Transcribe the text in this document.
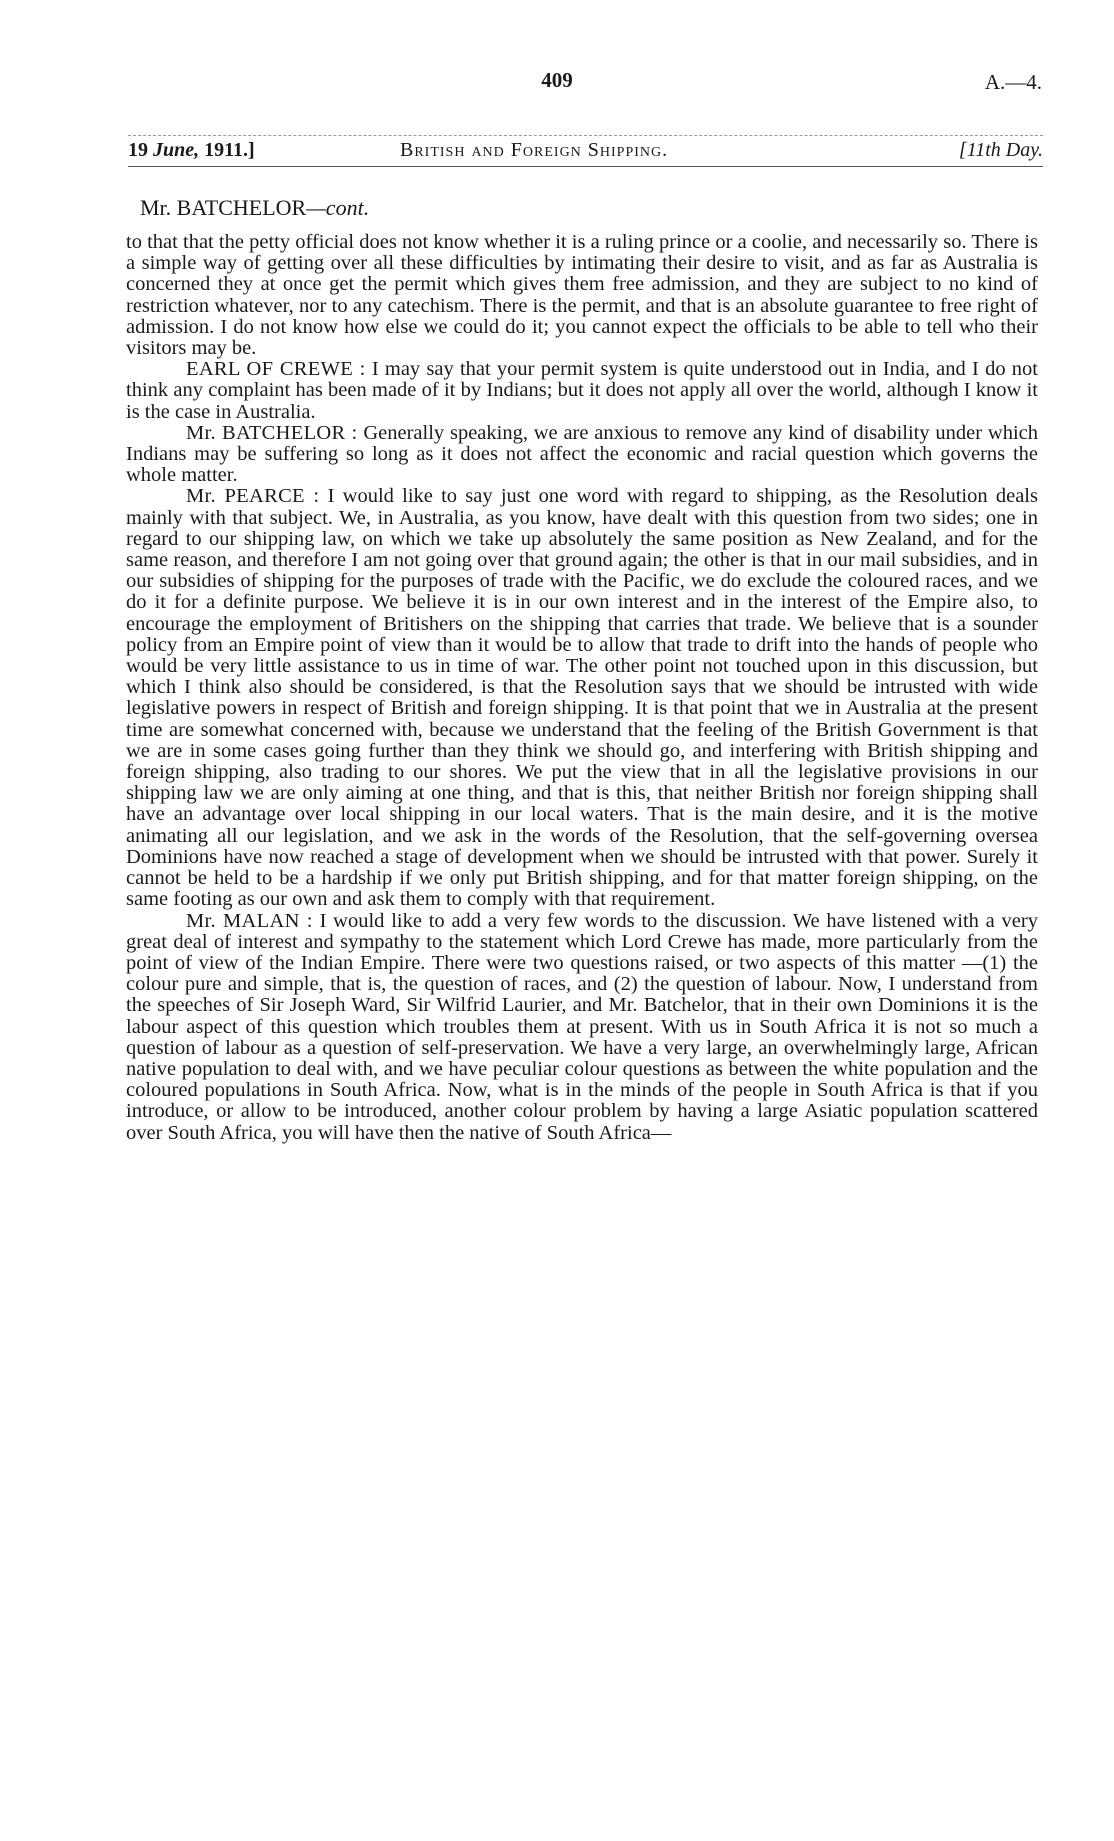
409	A.—4.
19 June, 1911.]	British and Foreign Shipping.	[11th Day.
Mr. BATCHELOR—cont.

to that that the petty official does not know whether it is a ruling prince or a coolie, and necessarily so. There is a simple way of getting over all these difficulties by intimating their desire to visit, and as far as Australia is concerned they at once get the permit which gives them free admission, and they are subject to no kind of restriction whatever, nor to any catechism. There is the permit, and that is an absolute guarantee to free right of admission. I do not know how else we could do it; you cannot expect the officials to be able to tell who their visitors may be.

EARL OF CREWE : I may say that your permit system is quite understood out in India, and I do not think any complaint has been made of it by Indians; but it does not apply all over the world, although I know it is the case in Australia.

Mr. BATCHELOR : Generally speaking, we are anxious to remove any kind of disability under which Indians may be suffering so long as it does not affect the economic and racial question which governs the whole matter.

Mr. PEARCE : I would like to say just one word with regard to shipping, as the Resolution deals mainly with that subject. We, in Australia, as you know, have dealt with this question from two sides; one in regard to our shipping law, on which we take up absolutely the same position as New Zealand, and for the same reason, and therefore I am not going over that ground again; the other is that in our mail subsidies, and in our subsidies of shipping for the purposes of trade with the Pacific, we do exclude the coloured races, and we do it for a definite purpose. We believe it is in our own interest and in the interest of the Empire also, to encourage the employment of Britishers on the shipping that carries that trade. We believe that is a sounder policy from an Empire point of view than it would be to allow that trade to drift into the hands of people who would be very little assistance to us in time of war. The other point not touched upon in this discussion, but which I think also should be considered, is that the Resolution says that we should be intrusted with wide legislative powers in respect of British and foreign shipping. It is that point that we in Australia at the present time are somewhat concerned with, because we understand that the feeling of the British Government is that we are in some cases going further than they think we should go, and interfering with British shipping and foreign shipping, also trading to our shores. We put the view that in all the legislative provisions in our shipping law we are only aiming at one thing, and that is this, that neither British nor foreign shipping shall have an advantage over local shipping in our local waters. That is the main desire, and it is the motive animating all our legislation, and we ask in the words of the Resolution, that the self-governing oversea Dominions have now reached a stage of development when we should be intrusted with that power. Surely it cannot be held to be a hardship if we only put British shipping, and for that matter foreign shipping, on the same footing as our own and ask them to comply with that requirement.

Mr. MALAN : I would like to add a very few words to the discussion. We have listened with a very great deal of interest and sympathy to the statement which Lord Crewe has made, more particularly from the point of view of the Indian Empire. There were two questions raised, or two aspects of this matter —(1) the colour pure and simple, that is, the question of races, and (2) the question of labour. Now, I understand from the speeches of Sir Joseph Ward, Sir Wilfrid Laurier, and Mr. Batchelor, that in their own Dominions it is the labour aspect of this question which troubles them at present. With us in South Africa it is not so much a question of labour as a question of self-preservation. We have a very large, an overwhelmingly large, African native population to deal with, and we have peculiar colour questions as between the white population and the coloured populations in South Africa. Now, what is in the minds of the people in South Africa is that if you introduce, or allow to be introduced, another colour problem by having a large Asiatic population scattered over South Africa, you will have then the native of South Africa—
